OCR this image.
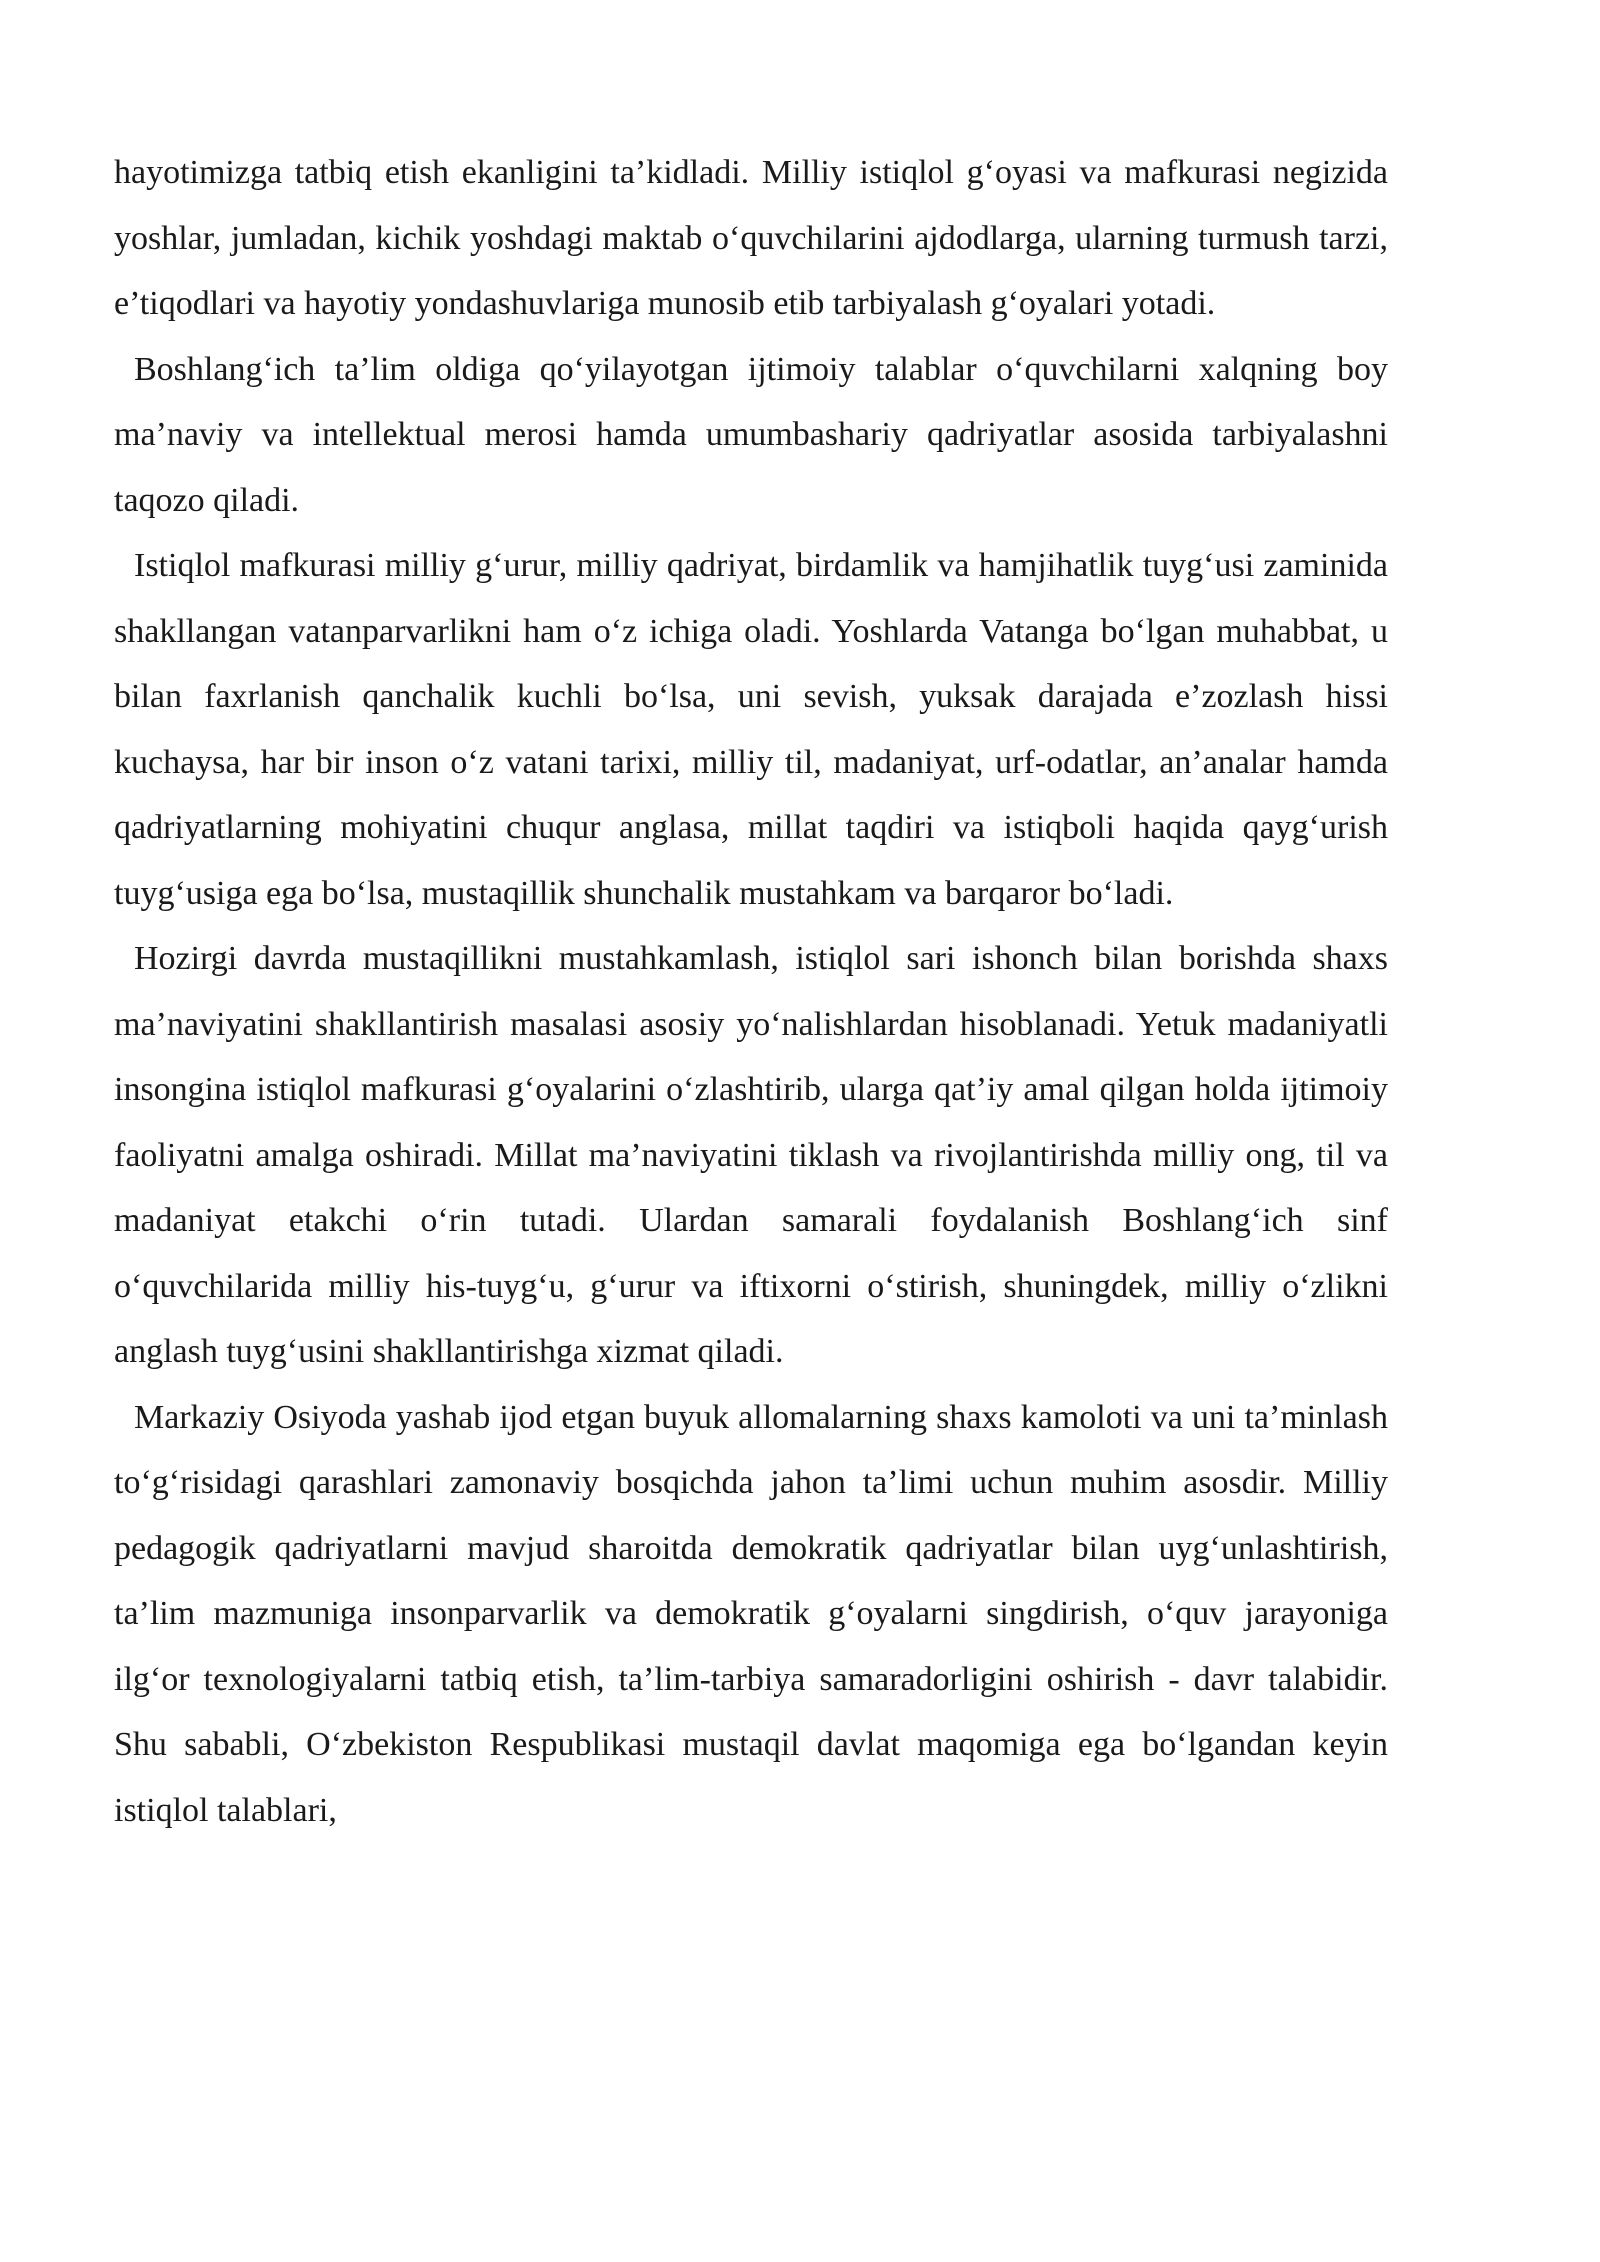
hayotimizga tatbiq etish ekanligini ta’kidladi. Milliy istiqlol g‘oyasi va mafkurasi negizida yoshlar, jumladan, kichik yoshdagi maktab o‘quvchilarini ajdodlarga, ularning turmush tarzi, e’tiqodlari va hayotiy yondashuvlariga munosib etib tarbiyalash g‘oyalari yotadi.

Boshlang‘ich ta’lim oldiga qo‘yilayotgan ijtimoiy talablar o‘quvchilarni xalqning boy ma’naviy va intellektual merosi hamda umumbashariy qadriyatlar asosida tarbiyalashni taqozo qiladi.

Istiqlol mafkurasi milliy g‘urur, milliy qadriyat, birdamlik va hamjihatlik tuyg‘usi zaminida shakllangan vatanparvarlikni ham o‘z ichiga oladi. Yoshlarda Vatanga bo‘lgan muhabbat, u bilan faxrlanish qanchalik kuchli bo‘lsa, uni sevish, yuksak darajada e’zozlash hissi kuchaysa, har bir inson o‘z vatani tarixi, milliy til, madaniyat, urf-odatlar, an’analar hamda qadriyatlarning mohiyatini chuqur anglasa, millat taqdiri va istiqboli haqida qayg‘urish tuyg‘usiga ega bo‘lsa, mustaqillik shunchalik mustahkam va barqaror bo‘ladi.

Hozirgi davrda mustaqillikni mustahkamlash, istiqlol sari ishonch bilan borishda shaxs ma’naviyatini shakllantirish masalasi asosiy yo‘nalishlardan hisoblanadi. Yetuk madaniyatli insongina istiqlol mafkurasi g‘oyalarini o‘zlashtirib, ularga qat’iy amal qilgan holda ijtimoiy faoliyatni amalga oshiradi. Millat ma’naviyatini tiklash va rivojlantirishda milliy ong, til va madaniyat etakchi o‘rin tutadi. Ulardan samarali foydalanish Boshlang‘ich sinf o‘quvchilarida milliy his-tuyg‘u, g‘urur va iftixorni o‘stirish, shuningdek, milliy o‘zlikni anglash tuyg‘usini shakllantirishga xizmat qiladi.

Markaziy Osiyoda yashab ijod etgan buyuk allomalarning shaxs kamoloti va uni ta’minlash to‘g‘risidagi qarashlari zamonaviy bosqichda jahon ta’limi uchun muhim asosdir. Milliy pedagogik qadriyatlarni mavjud sharoitda demokratik qadriyatlar bilan uyg‘unlashtirish, ta’lim mazmuniga insonparvarlik va demokratik g‘oyalarni singdirish, o‘quv jarayoniga ilg‘or texnologiyalarni tatbiq etish, ta’lim-tarbiya samaradorligini oshirish - davr talabidir. Shu sababli, O‘zbekiston Respublikasi mustaqil davlat maqomiga ega bo‘lgandan keyin istiqlol talablari,
